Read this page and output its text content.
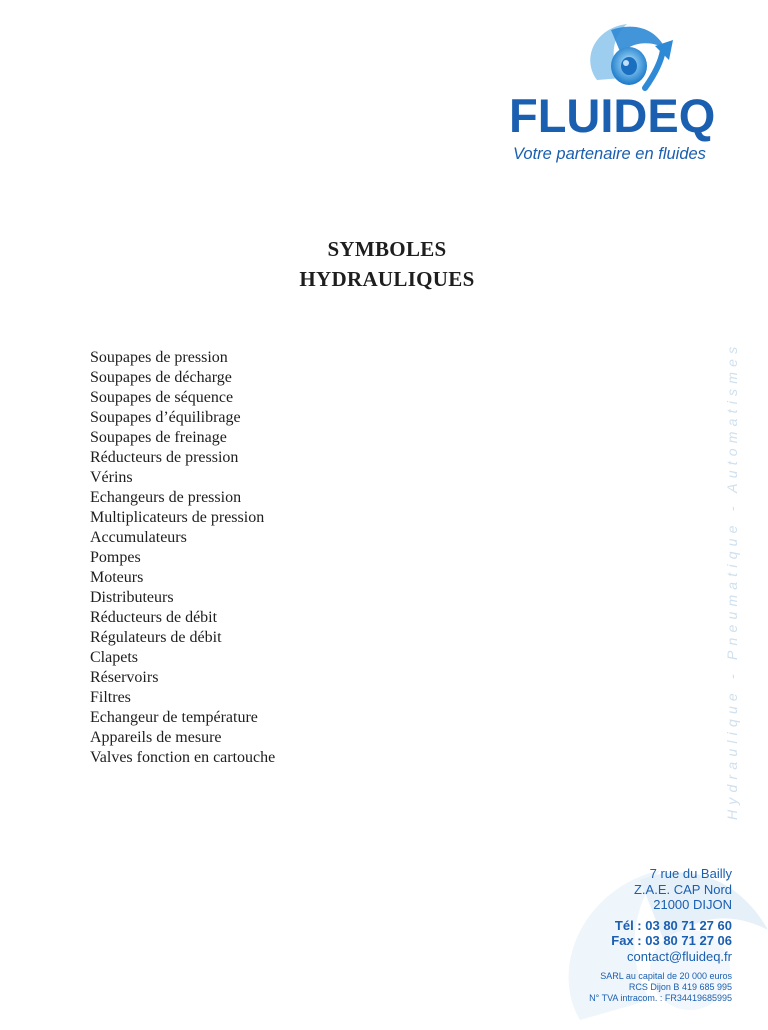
FLUIDEQ
Votre partenaire en fluides
Hydraulique - Pneumatique - Automatismes
SYMBOLES
HYDRAULIQUES
Soupapes de pression
Soupapes de décharge
Soupapes de séquence
Soupapes d’équilibrage
Soupapes de freinage
Réducteurs de pression
Vérins
Echangeurs de pression
Multiplicateurs de pression
Accumulateurs
Pompes
Moteurs
Distributeurs
Réducteurs de débit
Régulateurs de débit
Clapets
Réservoirs
Filtres
Echangeur de température
Appareils de mesure
Valves fonction en cartouche
7 rue du Bailly
Z.A.E. CAP Nord
21000 DIJON
Tél : 03 80 71 27 60
Fax : 03 80 71 27 06
contact@fluideq.fr
SARL au capital de 20 000 euros
RCS Dijon B 419 685 995
N° TVA intracom. : FR34419685995
